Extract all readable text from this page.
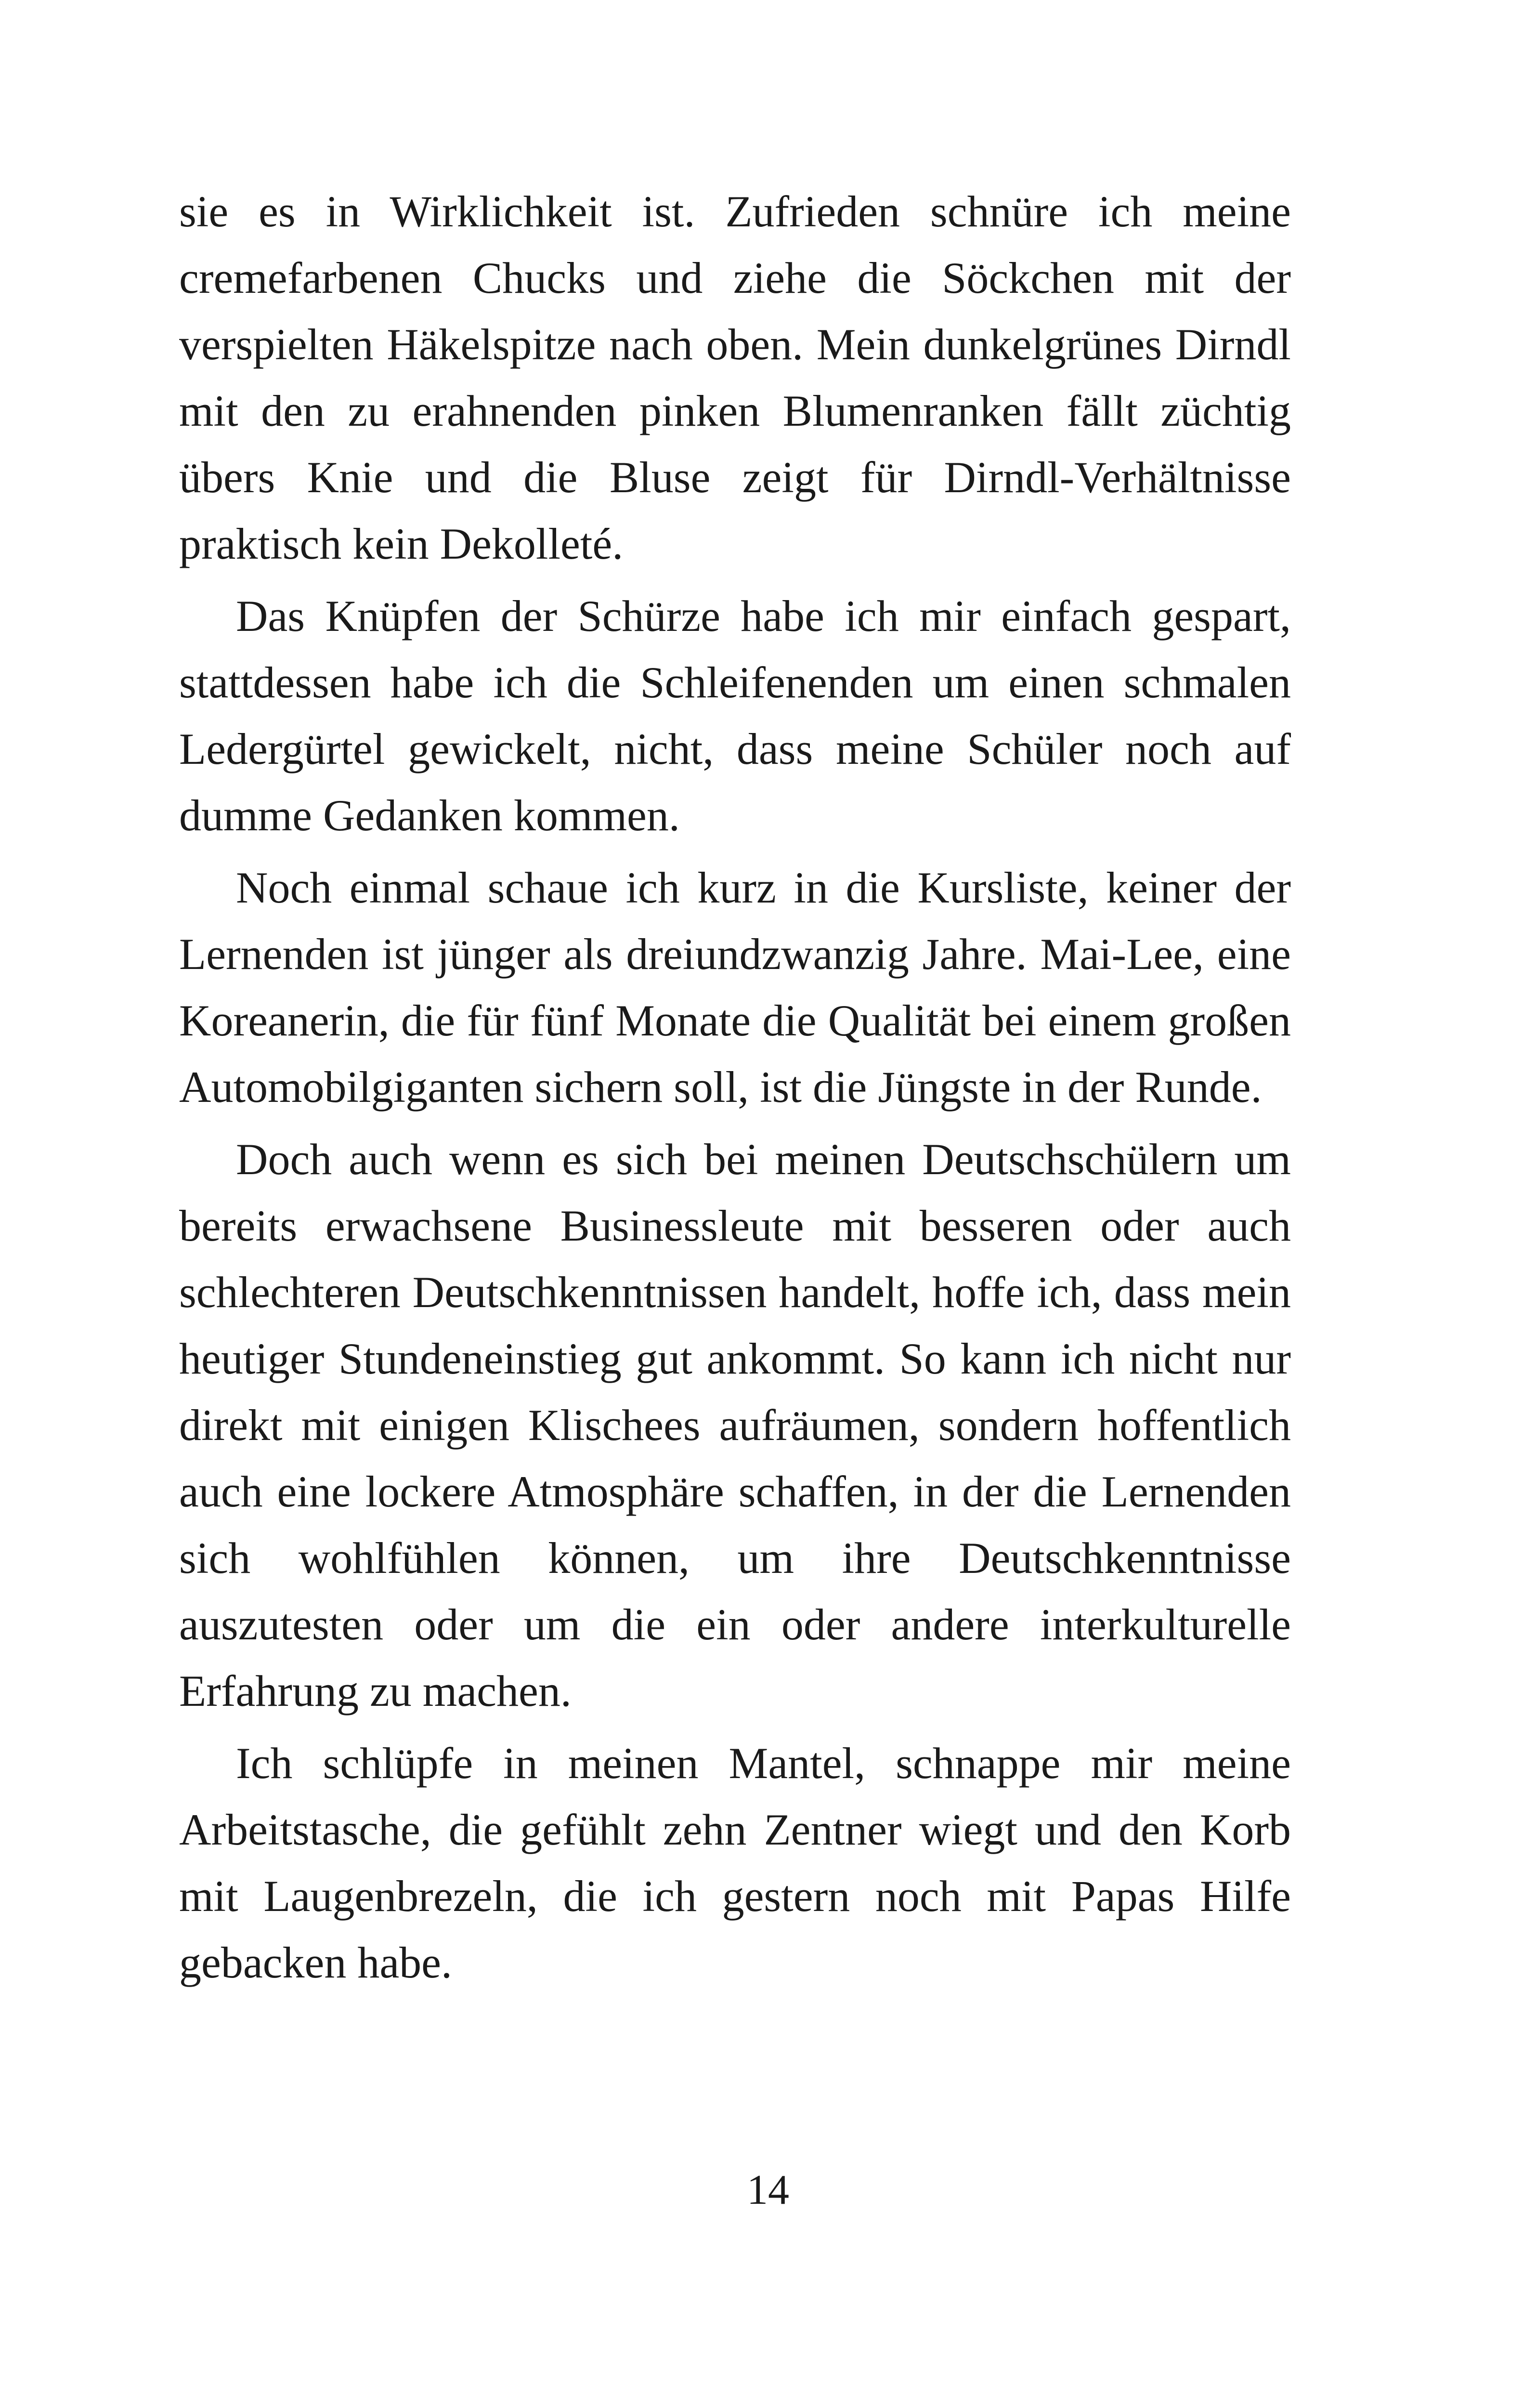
sie es in Wirklichkeit ist. Zufrieden schnüre ich meine cremefarbenen Chucks und ziehe die Söckchen mit der verspielten Häkelspitze nach oben. Mein dunkelgrünes Dirndl mit den zu erahnenden pinken Blumenranken fällt züchtig übers Knie und die Bluse zeigt für Dirndl-Verhältnisse praktisch kein Dekolleté.

Das Knüpfen der Schürze habe ich mir einfach gespart, stattdessen habe ich die Schleifenenden um einen schmalen Ledergürtel gewickelt, nicht, dass meine Schüler noch auf dumme Gedanken kommen.

Noch einmal schaue ich kurz in die Kursliste, keiner der Lernenden ist jünger als dreiundzwanzig Jahre. Mai-Lee, eine Koreanerin, die für fünf Monate die Qualität bei einem großen Automobilgiganten sichern soll, ist die Jüngste in der Runde.

Doch auch wenn es sich bei meinen Deutschschülern um bereits erwachsene Businessleute mit besseren oder auch schlechteren Deutschkenntnissen handelt, hoffe ich, dass mein heutiger Stundeneinstieg gut ankommt. So kann ich nicht nur direkt mit einigen Klischees aufräumen, sondern hoffentlich auch eine lockere Atmosphäre schaffen, in der die Lernenden sich wohlfühlen können, um ihre Deutschkenntnisse auszutesten oder um die ein oder andere interkulturelle Erfahrung zu machen.

Ich schlüpfe in meinen Mantel, schnappe mir meine Arbeitstasche, die gefühlt zehn Zentner wiegt und den Korb mit Laugenbrezeln, die ich gestern noch mit Papas Hilfe gebacken habe.

14
